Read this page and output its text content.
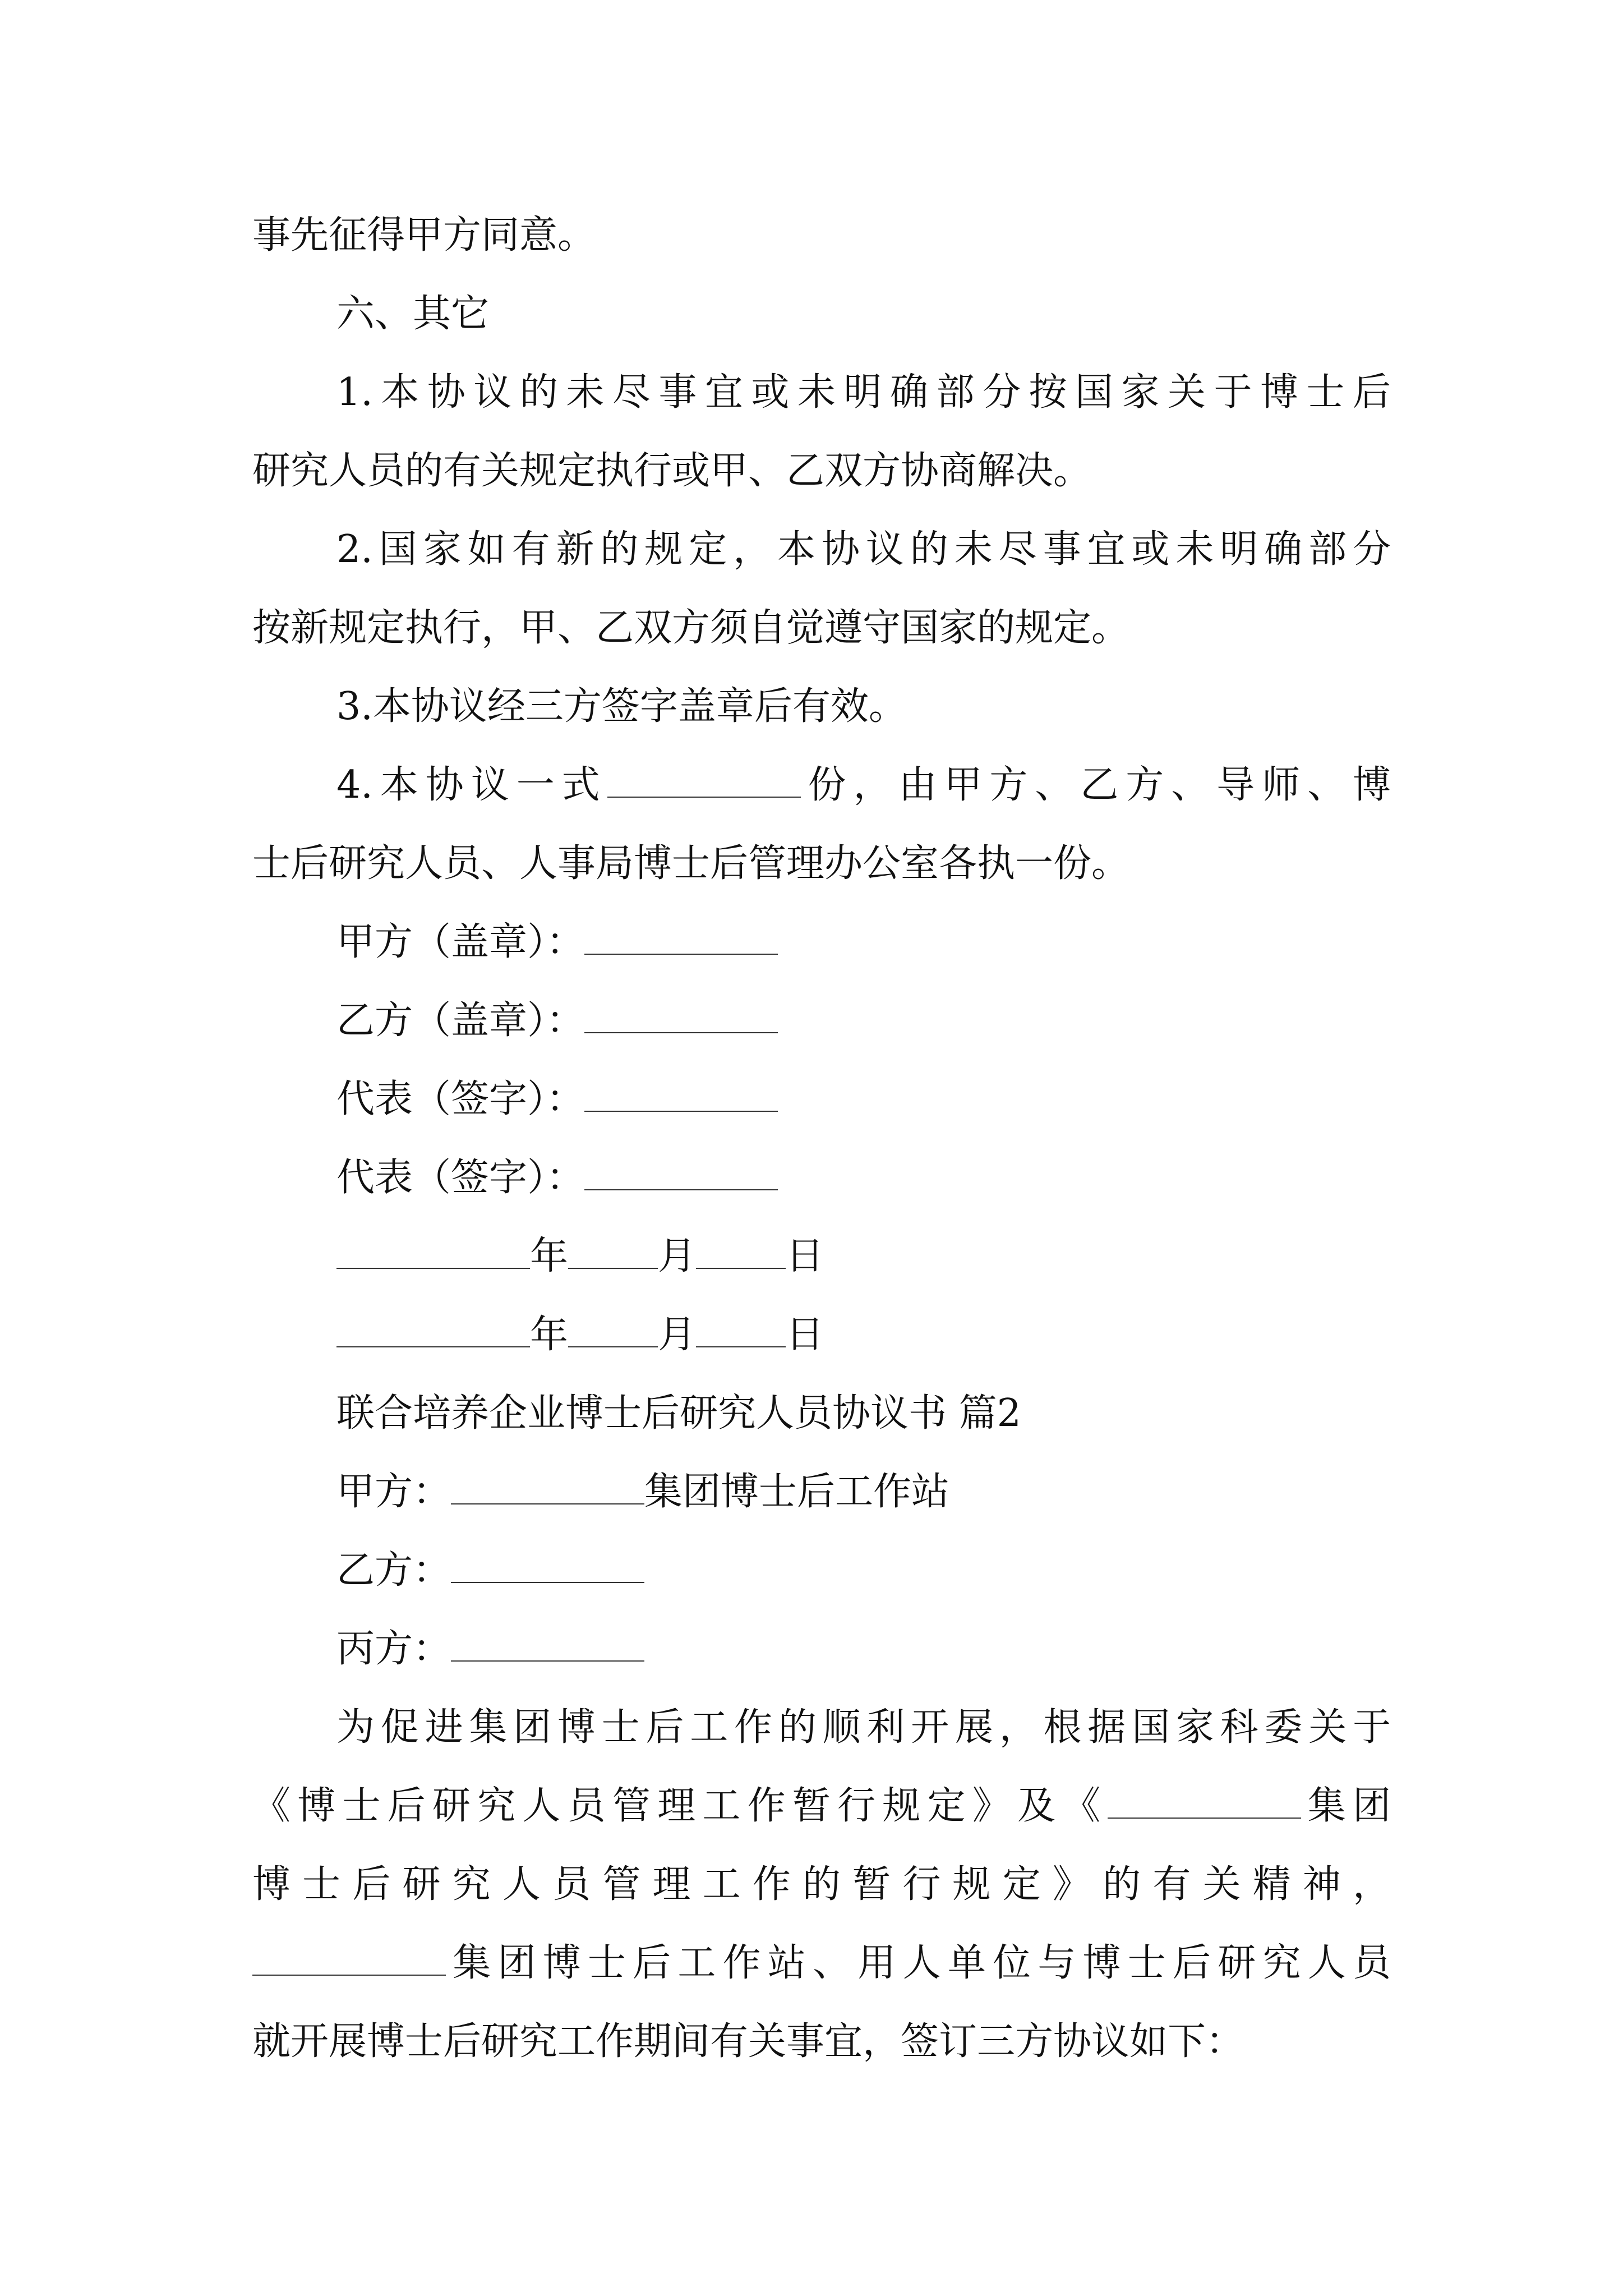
事先征得甲方同意。
六、其它
1.本协议的未尽事宜或未明确部分按国家关于博士后
研究人员的有关规定执行或甲、乙双方协商解决。
2.国家如有新的规定，本协议的未尽事宜或未明确部分
按新规定执行，甲、乙双方须自觉遵守国家的规定。
3.本协议经三方签字盖章后有效。
4.本协议一式	份，由甲方、乙方、导师、博
士后研究人员、人事局博士后管理办公室各执一份。
甲方（盖章）：
乙方（盖章）：
代表（签字）：
代表（签字）：
年 月 日
年 月 日
联合培养企业博士后研究人员协议书 篇2
甲方：	集团博士后工作站
乙方：
丙方：
为促进集团博士后工作的顺利开展，根据国家科委关于
《博士后研究人员管理工作暂行规定》及《	集团
博士后研究人员管理工作的暂行规定》的有关精神，
集团博士后工作站、用人单位与博士后研究人员
就开展博士后研究工作期间有关事宜，签订三方协议如下：
